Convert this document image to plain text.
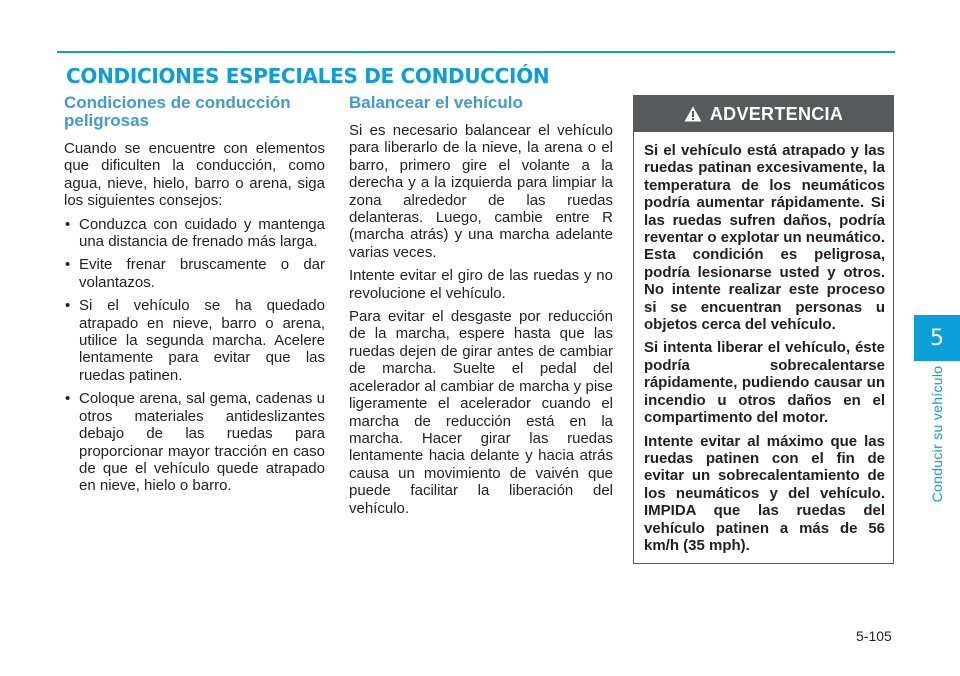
CONDICIONES ESPECIALES DE CONDUCCIÓN
Condiciones de conducción peligrosas

Cuando se encuentre con elementos que dificulten la conducción, como agua, nieve, hielo, barro o arena, siga los siguientes consejos:

• Conduzca con cuidado y mantenga una distancia de frenado más larga.
• Evite frenar bruscamente o dar volantazos.
• Si el vehículo se ha quedado atrapado en nieve, barro o arena, utilice la segunda marcha. Acelere lentamente para evitar que las ruedas patinen.
• Coloque arena, sal gema, cadenas u otros materiales antideslizantes debajo de las ruedas para proporcionar mayor tracción en caso de que el vehículo quede atrapado en nieve, hielo o barro.
Balancear el vehículo

Si es necesario balancear el vehículo para liberarlo de la nieve, la arena o el barro, primero gire el volante a la derecha y a la izquierda para limpiar la zona alrededor de las ruedas delanteras. Luego, cambie entre R (marcha atrás) y una marcha adelante varias veces.

Intente evitar el giro de las ruedas y no revolucione el vehículo.

Para evitar el desgaste por reducción de la marcha, espere hasta que las ruedas dejen de girar antes de cambiar de marcha. Suelte el pedal del acelerador al cambiar de marcha y pise ligeramente el acelerador cuando el marcha de reducción está en la marcha. Hacer girar las ruedas lentamente hacia delante y hacia atrás causa un movimiento de vaivén que puede facilitar la liberación del vehículo.

ADVERTENCIA

Si el vehículo está atrapado y las ruedas patinan excesivamente, la temperatura de los neumáticos podría aumentar rápidamente. Si las ruedas sufren daños, podría reventar o explotar un neumático. Esta condición es peligrosa, podría lesionarse usted y otros. No intente realizar este proceso si se encuentran personas u objetos cerca del vehículo.

Si intenta liberar el vehículo, éste podría sobrecalentarse rápidamente, pudiendo causar un incendio u otros daños en el compartimento del motor.

Intente evitar al máximo que las ruedas patinen con el fin de evitar un sobrecalentamiento de los neumáticos y del vehículo. IMPIDA que las ruedas del vehículo patinen a más de 56 km/h (35 mph).

5
Conducir su vehículo
5-105
